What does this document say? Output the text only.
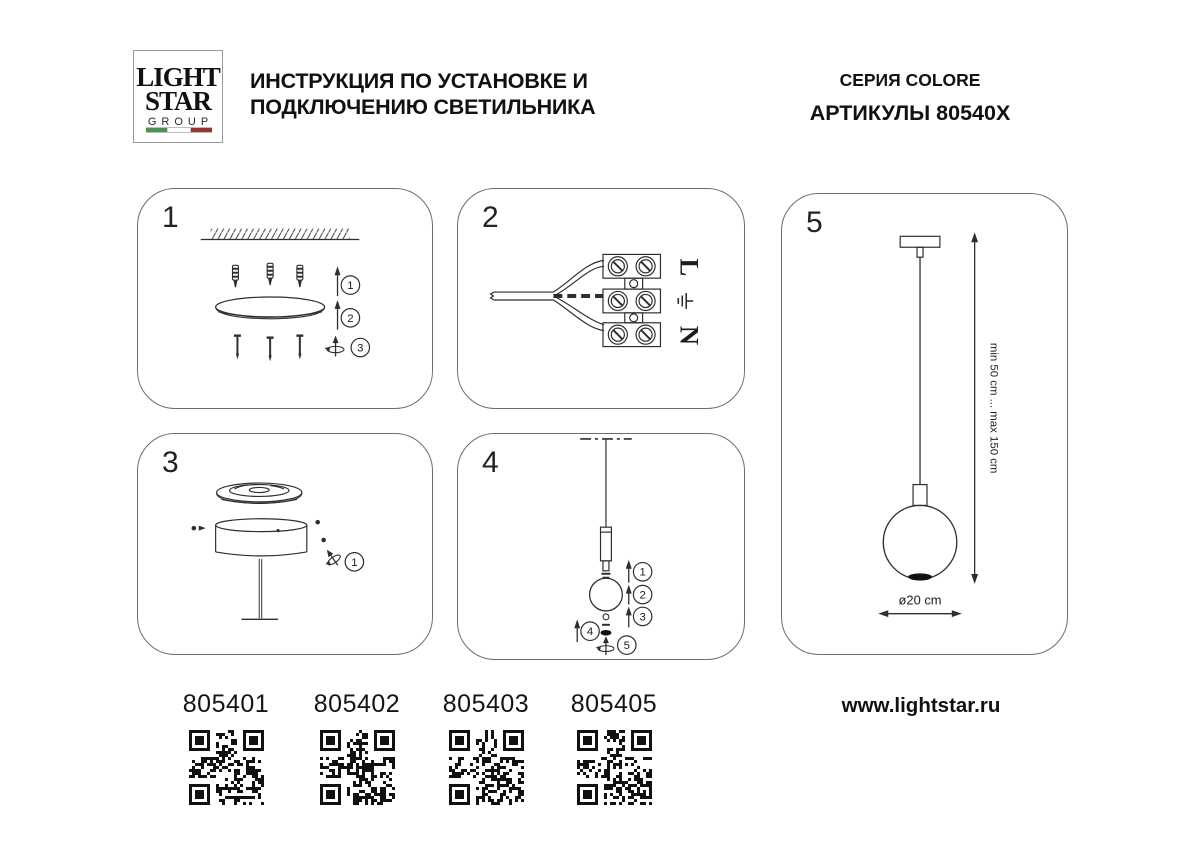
LIGHT
STAR
GROUP
ИНСТРУКЦИЯ ПО УСТАНОВКЕ И
ПОДКЛЮЧЕНИЮ СВЕТИЛЬНИКА
СЕРИЯ COLORE
АРТИКУЛЫ 80540X
1
1
2
3
2
L
N
3
1
4
4
5
1
2
3
5
min 50 cm ... max 150 cm
ø20 cm
805401	805402	805403	805405	www.lightstar.ru
